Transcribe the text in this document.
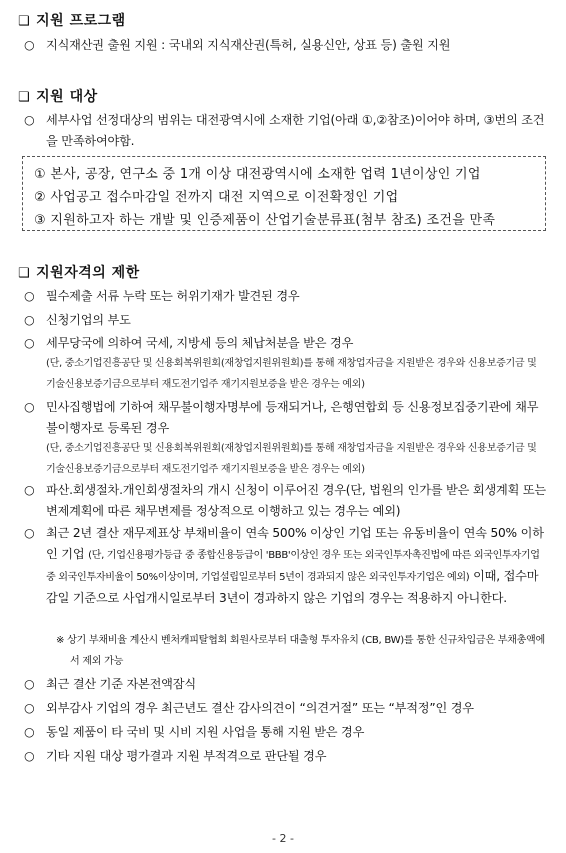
❑ 지원 프로그램
○ 지식재산권 출원 지원 : 국내외 지식재산권(특허, 실용신안, 상표 등) 출원 지원
❑ 지원 대상
○ 세부사업 선정대상의 범위는 대전광역시에 소재한 기업(아래 ①,②참조)이어야 하며, ③번의 조건을 만족하여야함.
① 본사, 공장, 연구소 중 1개 이상 대전광역시에 소재한 업력 1년이상인 기업
② 사업공고 접수마감일 전까지 대전 지역으로 이전확정인 기업
③ 지원하고자 하는 개발 및 인증제품이 산업기술분류표(첨부 참조) 조건을 만족
❑ 지원자격의 제한
○ 필수제출 서류 누락 또는 허위기재가 발견된 경우
○ 신청기업의 부도
○ 세무당국에 의하여 국세, 지방세 등의 체납처분을 받은 경우
(단, 중소기업진흥공단 및 신용회복위원회(재창업지원위원회)를 통해 재창업자금을 지원받은 경우와 신용보증기금 및 기술신용보증기금으로부터 재도전기업주 재기지원보증을 받은 경우는 예외)
○ 민사집행법에 기하여 채무불이행자명부에 등재되거나, 은행연합회 등 신용정보집중기관에 채무불이행자로 등록된 경우
(단, 중소기업진흥공단 및 신용회복위원회(재창업지원위원회)를 통해 재창업자금을 지원받은 경우와 신용보증기금 및 기술신용보증기금으로부터 재도전기업주 재기지원보증을 받은 경우는 예외)
○ 파산.회생절차.개인회생절차의 개시 신청이 이루어진 경우(단, 법원의 인가를 받은 회생계획 또는 변제계획에 따른 채무변제를 정상적으로 이행하고 있는 경우는 예외)
○ 최근 2년 결산 재무제표상 부채비율이 연속 500% 이상인 기업 또는 유동비율이 연속 50% 이하인 기업 (단, 기업신용평가등급 중 종합신용등급이 'BBB'이상인 경우 또는 외국인투자촉진법에 따른 외국인투자기업 중 외국인투자비율이 50%이상이며, 기업설립일로부터 5년이 경과되지 않은 외국인투자기업은 예외) 이때, 접수마감일 기준으로 사업개시일로부터 3년이 경과하지 않은 기업의 경우는 적용하지 아니한다.
※ 상기 부채비율 계산시 벤처캐피탈협회 회원사로부터 대출형 투자유치 (CB, BW)를 통한 신규차입금은 부채총액에서 제외 가능
○ 최근 결산 기준 자본전액잠식
○ 외부감사 기업의 경우 최근년도 결산 감사의견이 “의견거절” 또는 “부적정”인 경우
○ 동일 제품이 타 국비 및 시비 지원 사업을 통해 지원 받은 경우
○ 기타 지원 대상 평가결과 지원 부적격으로 판단될 경우
- 2 -
